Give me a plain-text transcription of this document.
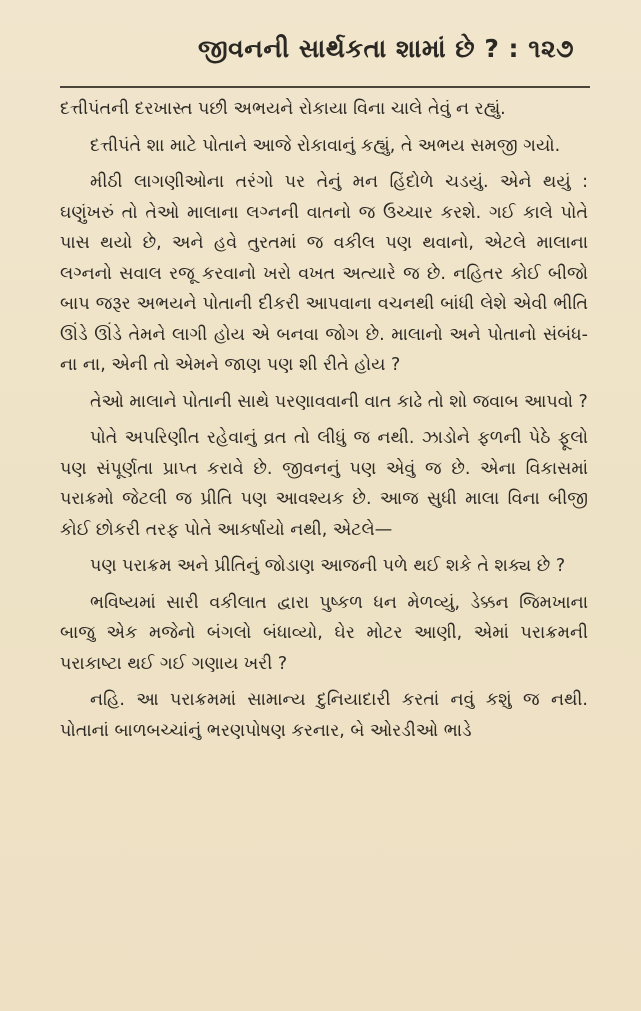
જીવનની સાર્થકતા શામાં છે ? : ૧૨૭

દત્તીપંતની દરખાસ્ત પછી અભયને રોકાયા વિના ચાલે તેવું ન રહ્યું.

દત્તીપંતે શા માટે પોતાને આજે રોકાવાનું કહ્યું, તે અભય સમજી ગયો.

મીઠી લાગણીઓના તરંગો પર તેનું મન હિંદોળે ચડયું. એને થયું : ઘણુંખરું તો તેઓ માલાના લગ્નની વાતનો જ ઉચ્ચાર કરશે. ગઈ કાલે પોતે પાસ થયો છે, અને હવે તુરતમાં જ વકીલ પણ થવાનો, એટલે માલાના લગ્નનો સવાલ રજૂ કરવાનો ખરો વખત અત્યારે જ છે. નહિતર કોઈ બીજો બાપ જરૂર અભયને પોતાની દીકરી આપવાના વચનથી બાંધી લેશે એવી ભીતિ ઊંડે ઊંડે તેમને લાગી હોય એ બનવા જોગ છે. માલાનો અને પોતાનો સંબંધ-ના ના, એની તો એમને જાણ પણ શી રીતે હોય ?

તેઓ માલાને પોતાની સાથે પરણાવવાની વાત કાઢે તો શો જવાબ આપવો ?

પોતે અપરિણીત રહેવાનું વ્રત તો લીધું જ નથી. ઝાડોને ફળની પેઠે ફૂલો પણ સંપૂર્ણતા પ્રાપ્ત કરાવે છે. જીવનનું પણ એવું જ છે. એના વિકાસમાં પરાક્રમો જેટલી જ પ્રીતિ પણ આવશ્યક છે. આજ સુધી માલા વિના બીજી કોઈ છોકરી તરફ પોતે આકર્ષાયો નથી, એટલે—

પણ પરાક્રમ અને પ્રીતિનું જોડાણ આજની પળે થઈ શકે તે શક્ય છે ?

ભવિષ્યમાં સારી વકીલાત દ્વારા પુષ્કળ ધન મેળવ્યું, ડેક્કન જિમખાના બાજુ એક મજેનો બંગલો બંધાવ્યો, ઘેર મોટર આણી, એમાં પરાક્રમની પરાકાષ્ટા થઈ ગઈ ગણાય ખરી ?

નહિ. આ પરાક્રમમાં સામાન્ય દુનિયાદારી કરતાં નવું કશું જ નથી. પોતાનાં બાળબચ્ચાંનું ભરણપોષણ કરનાર, બે ઓરડીઓ ભાડે
